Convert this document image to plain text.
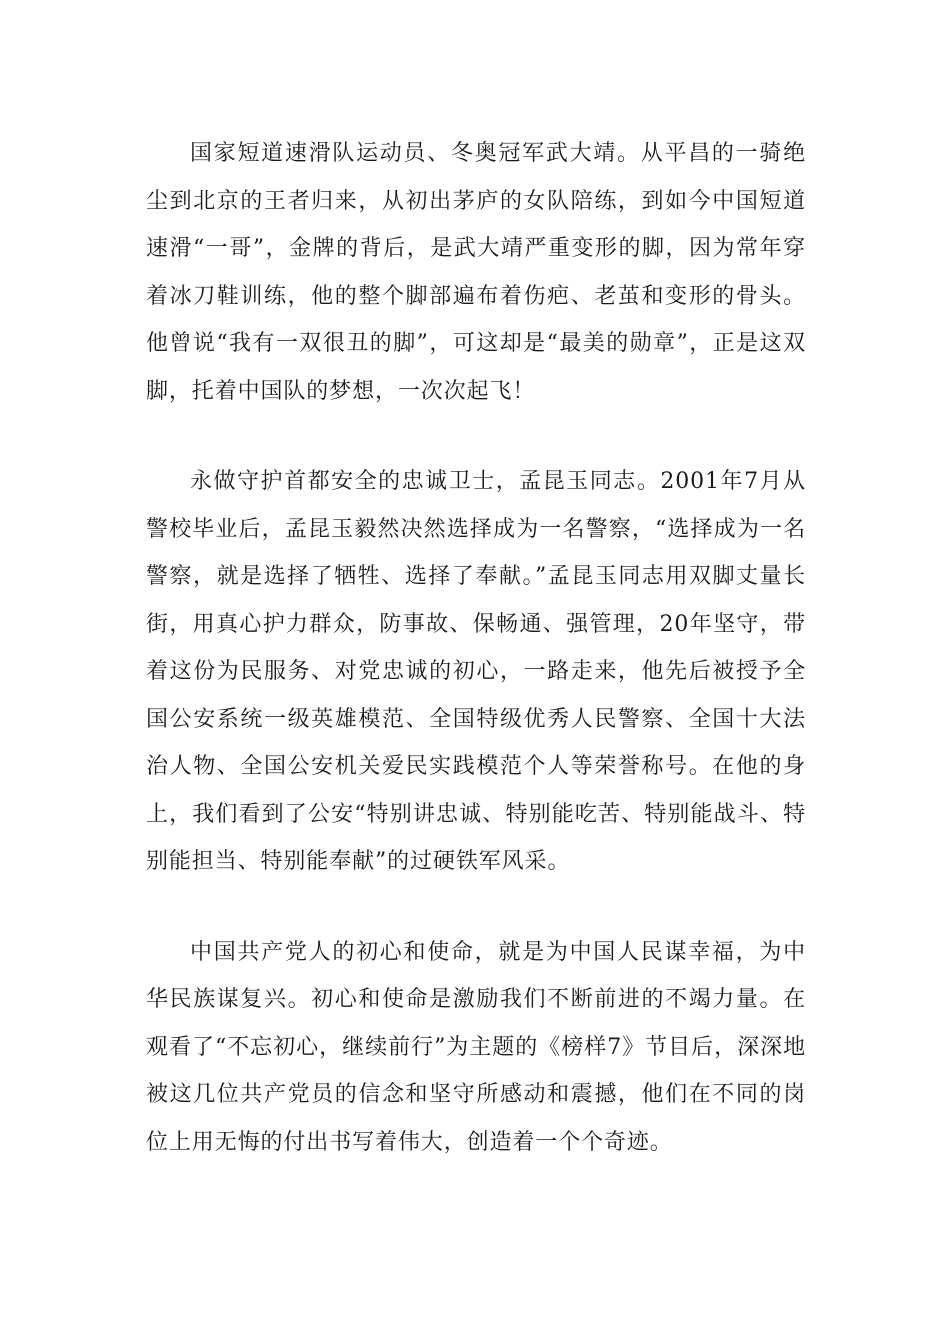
国家短道速滑队运动员、冬奥冠军武大靖。从平昌的一骑绝尘到北京的王者归来，从初出茅庐的女队陪练，到如今中国短道速滑“一哥”，金牌的背后，是武大靖严重变形的脚，因为常年穿着冰刀鞋训练，他的整个脚部遍布着伤疤、老茧和变形的骨头。他曾说“我有一双很丑的脚”，可这却是“最美的勋章”，正是这双脚，托着中国队的梦想，一次次起飞！

永做守护首都安全的忠诚卫士，孟昆玉同志。2001年7月从警校毕业后，孟昆玉毅然决然选择成为一名警察，“选择成为一名警察，就是选择了牺牲、选择了奉献。”孟昆玉同志用双脚丈量长街，用真心护力群众，防事故、保畅通、强管理，20年坚守，带着这份为民服务、对党忠诚的初心，一路走来，他先后被授予全国公安系统一级英雄模范、全国特级优秀人民警察、全国十大法治人物、全国公安机关爱民实践模范个人等荣誉称号。在他的身上，我们看到了公安“特别讲忠诚、特别能吃苦、特别能战斗、特别能担当、特别能奉献”的过硬铁军风采。

中国共产党人的初心和使命，就是为中国人民谋幸福，为中华民族谋复兴。初心和使命是激励我们不断前进的不竭力量。在观看了“不忘初心，继续前行”为主题的《榜样7》节目后，深深地被这几位共产党员的信念和坚守所感动和震撼，他们在不同的岗位上用无悔的付出书写着伟大，创造着一个个奇迹。
